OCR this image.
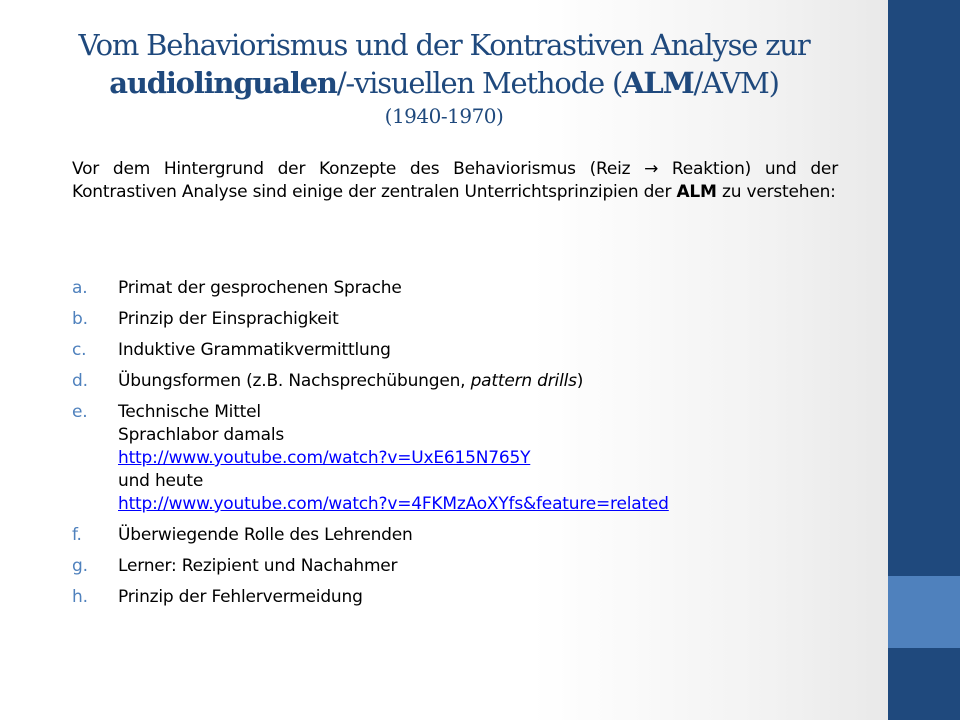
Vom Behaviorismus und der Kontrastiven Analyse zur audiolingualen/-visuellen Methode (ALM/AVM)
(1940-1970)
Vor dem Hintergrund der Konzepte des Behaviorismus (Reiz → Reaktion) und der Kontrastiven Analyse sind einige der zentralen Unterrichtsprinzipien der ALM zu verstehen:
a. Primat der gesprochenen Sprache
b. Prinzip der Einsprachigkeit
c. Induktive Grammatikvermittlung
d. Übungsformen (z.B. Nachsprechübungen, pattern drills)
e. Technische Mittel
Sprachlabor damals
http://www.youtube.com/watch?v=UxE615N765Y
und heute
http://www.youtube.com/watch?v=4FKMzAoXYfs&feature=related
f. Überwiegende Rolle des Lehrenden
g. Lerner: Rezipient und Nachahmer
h. Prinzip der Fehlervermeidung
